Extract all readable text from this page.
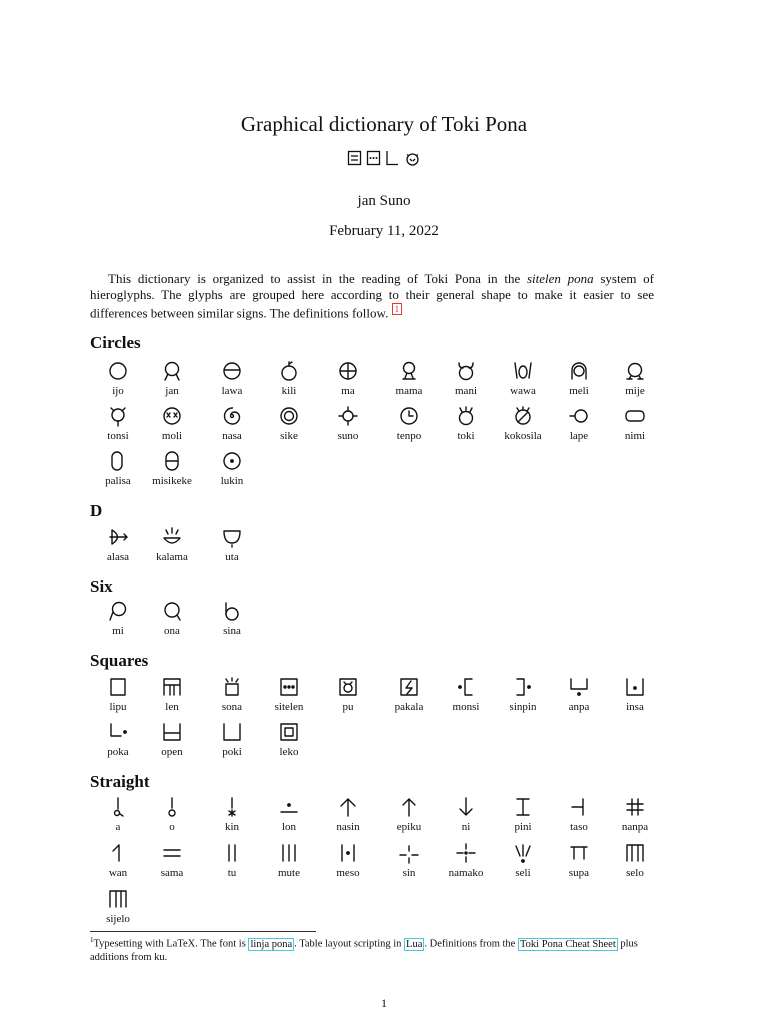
Graphical dictionary of Toki Pona

jan Suno
February 11, 2022
This dictionary is organized to assist in the reading of Toki Pona in the sitelen pona system of hieroglyphs. The glyphs are grouped here according to their general shape to make it easier to see differences between similar signs. The definitions follow. 1
Circles
ijo	jan	lawa	kili	ma	mama	mani	wawa	meli	mije
tonsi	moli	nasa	sike	suno	tenpo	toki	kokosila	lape	nimi
palisa	misikeke	lukin
D
alasa	kalama	uta
Six
mi	ona	sina
Squares
lipu	len	sona	sitelen	pu	pakala	monsi	sinpin	anpa	insa
poka	open	poki	leko
Straight
a	o	kin	lon	nasin	epiku	ni	pini	taso	nanpa
wan	sama	tu	mute	meso	sin	namako	seli	supa	selo
sijelo
$^1$Typesetting with LaTeX. The font is linja pona . Table layout scripting in Lua . Definitions from the Toki Pona Cheat Sheet plus additions from ku.
1
